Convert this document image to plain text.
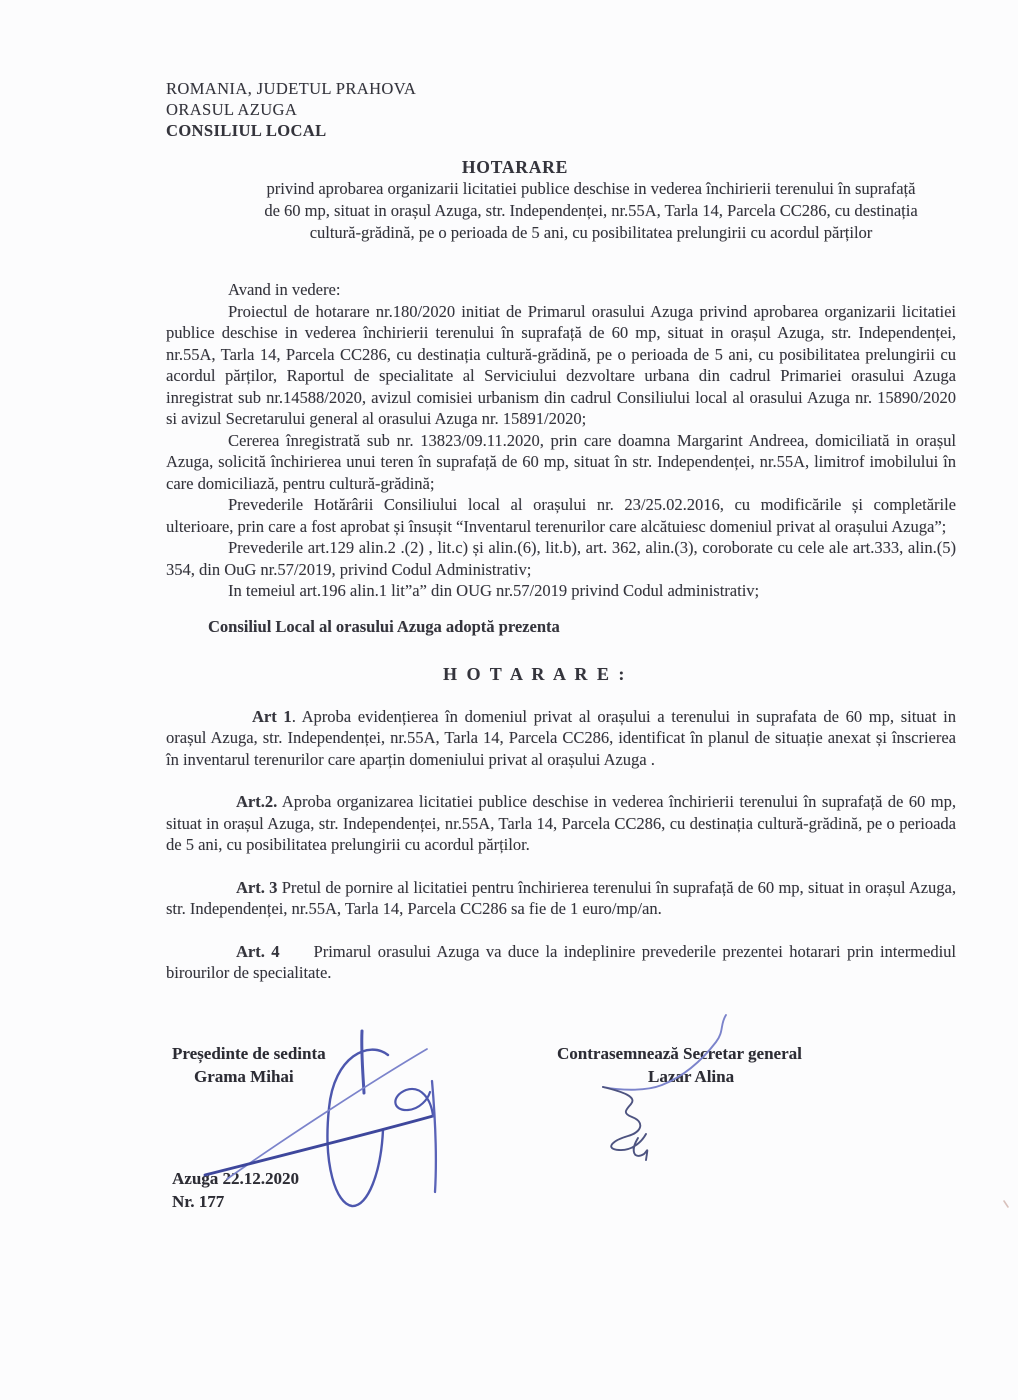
ROMANIA, JUDETUL PRAHOVA
ORASUL AZUGA
CONSILIUL LOCAL
HOTARARE
privind aprobarea organizarii licitatiei publice deschise in vederea închirierii terenului în suprafață
de 60 mp, situat in orașul Azuga, str. Independenței, nr.55A, Tarla 14, Parcela CC286, cu destinația
cultură-grădină, pe o perioada de 5 ani, cu posibilitatea prelungirii cu acordul părților

Avand in vedere:

Proiectul de hotarare nr.180/2020 initiat de Primarul orasului Azuga privind aprobarea organizarii licitatiei publice deschise in vederea închirierii terenului în suprafață de 60 mp, situat in orașul Azuga, str. Independenței, nr.55A, Tarla 14, Parcela CC286, cu destinația cultură-grădină, pe o perioada de 5 ani, cu posibilitatea prelungirii cu acordul părților, Raportul de specialitate al Serviciului dezvoltare urbana din cadrul Primariei orasului Azuga inregistrat sub nr.14588/2020, avizul comisiei urbanism din cadrul Consiliului local al orasului Azuga nr. 15890/2020 si avizul Secretarului general al orasului Azuga nr. 15891/2020;

Cererea înregistrată sub nr. 13823/09.11.2020, prin care doamna Margarint Andreea, domiciliată in orașul Azuga, solicită închirierea unui teren în suprafață de 60 mp, situat în str. Independenței, nr.55A, limitrof imobilului în care domiciliază, pentru cultură-grădină;

Prevederile Hotărârii Consiliului local al orașului nr. 23/25.02.2016, cu modificările și completările ulterioare, prin care a fost aprobat și însușit “Inventarul terenurilor care alcătuiesc domeniul privat al orașului Azuga”;

Prevederile art.129 alin.2 .(2) , lit.c) și alin.(6), lit.b), art. 362, alin.(3), coroborate cu cele ale art.333, alin.(5) 354, din OuG nr.57/2019, privind Codul Administrativ;

In temeiul art.196 alin.1 lit”a” din OUG nr.57/2019 privind Codul administrativ;

Consiliul Local al orasului Azuga adoptă prezenta

H O T A R A R E :

Art 1. Aproba evidențierea în domeniul privat al orașului a terenului in suprafata de 60 mp, situat in orașul Azuga, str. Independenței, nr.55A, Tarla 14, Parcela CC286, identificat în planul de situație anexat și înscrierea în inventarul terenurilor care aparțin domeniului privat al orașului Azuga .

Art.2. Aproba organizarea licitatiei publice deschise in vederea închirierii terenului în suprafață de 60 mp, situat in orașul Azuga, str. Independenței, nr.55A, Tarla 14, Parcela CC286, cu destinația cultură-grădină, pe o perioada de 5 ani, cu posibilitatea prelungirii cu acordul părților.

Art. 3 Pretul de pornire al licitatiei pentru închirierea terenului în suprafață de 60 mp, situat in orașul Azuga, str. Independenței, nr.55A, Tarla 14, Parcela CC286 sa fie de 1 euro/mp/an.

Art. 4 Primarul orasului Azuga va duce la indeplinire prevederile prezentei hotarari prin intermediul birourilor de specialitate.

Președinte de sedinta
Grama Mihai
Contrasemnează Secretar general
Lazar Alina
Azuga 22.12.2020
Nr. 177
